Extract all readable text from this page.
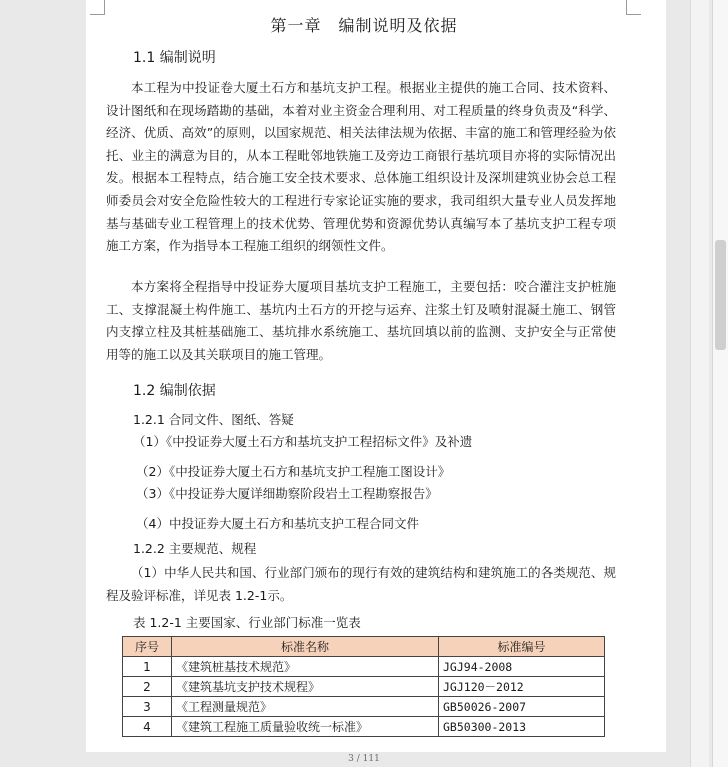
第一章　编制说明及依据
1.1 编制说明

本工程为中投证卷大厦土石方和基坑支护工程。根据业主提供的施工合同、技术资料、设计图纸和在现场踏勘的基础，本着对业主资金合理利用、对工程质量的终身负责及“科学、经济、优质、高效”的原则，以国家规范、相关法律法规为依据、丰富的施工和管理经验为依托、业主的满意为目的，从本工程毗邻地铁施工及旁边工商银行基坑项目亦将的实际情况出发。根据本工程特点，结合施工安全技术要求、总体施工组织设计及深圳建筑业协会总工程师委员会对安全危险性较大的工程进行专家论证实施的要求，我司组织大量专业人员发挥地基与基础专业工程管理上的技术优势、管理优势和资源优势认真编写本了基坑支护工程专项施工方案，作为指导本工程施工组织的纲领性文件。

本方案将全程指导中投证券大厦项目基坑支护工程施工，主要包括：咬合灌注支护桩施工、支撑混凝土构件施工、基坑内土石方的开挖与运弃、注浆土钉及喷射混凝土施工、钢管内支撑立柱及其桩基础施工、基坑排水系统施工、基坑回填以前的监测、支护安全与正常使用等的施工以及其关联项目的施工管理。

1.2 编制依据
1.2.1 合同文件、图纸、答疑
（1）《中投证券大厦土石方和基坑支护工程招标文件》及补遗
（2）《中投证券大厦土石方和基坑支护工程施工图设计》
（3）《中投证券大厦详细勘察阶段岩土工程勘察报告》
（4）中投证券大厦土石方和基坑支护工程合同文件
1.2.2 主要规范、规程

（1）中华人民共和国、行业部门颁布的现行有效的建筑结构和建筑施工的各类规范、规程及验评标准，详见表 1.2-1示。

表 1.2-1 主要国家、行业部门标准一览表
序号	标准名称	标准编号
1	《建筑桩基技术规范》	JGJ94-2008
2	《建筑基坑支护技术规程》	JGJ120－2012
3	《工程测量规范》	GB50026-2007
4	《建筑工程施工质量验收统一标准》	GB50300-2013
3 / 111
